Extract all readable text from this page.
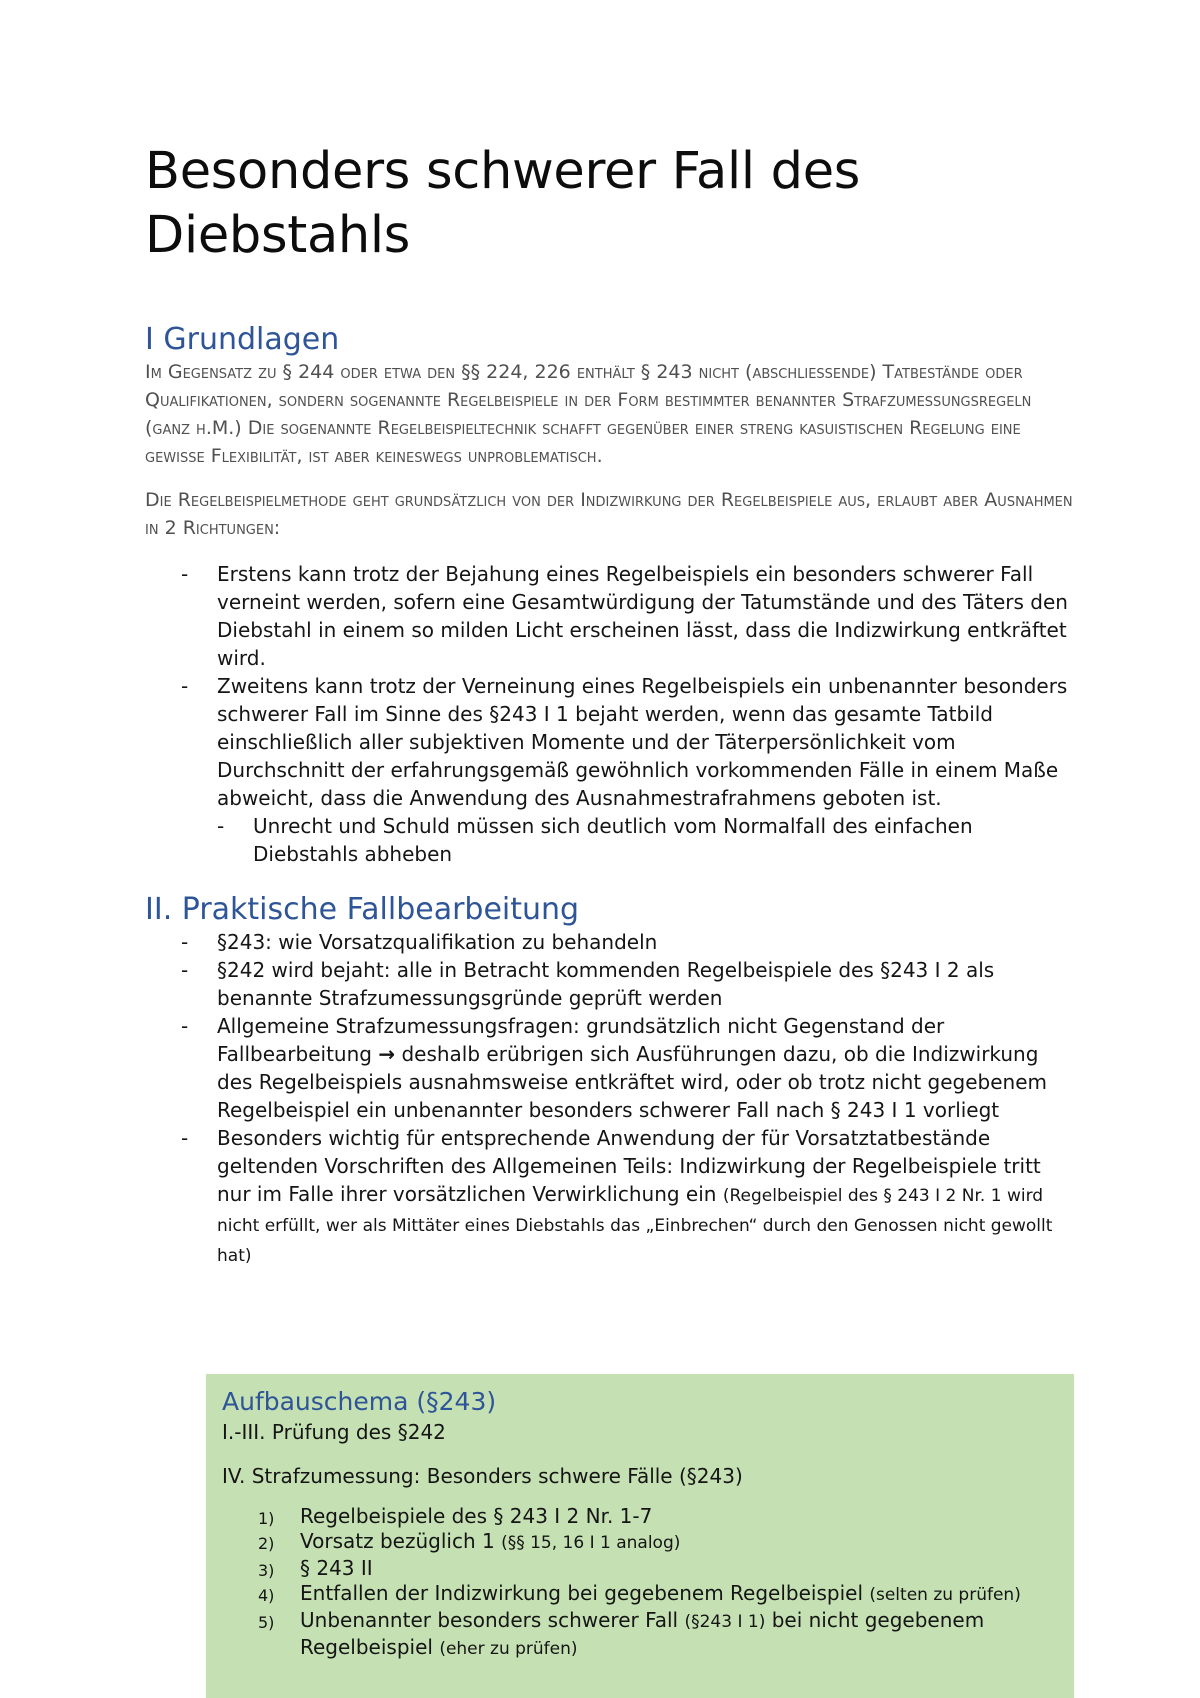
Besonders schwerer Fall des Diebstahls
I Grundlagen

Im Gegensatz zu § 244 oder etwa den §§ 224, 226 enthält § 243 nicht (abschliessende) Tatbestände oder Qualifikationen, sondern sogenannte Regelbeispiele in der Form bestimmter benannter Strafzumessungsregeln (ganz h.M.) Die sogenannte Regelbeispieltechnik schafft gegenüber einer streng kasuistischen Regelung eine gewisse Flexibilität, ist aber keineswegs unproblematisch.

Die Regelbeispielmethode geht grundsätzlich von der Indizwirkung der Regelbeispiele aus, erlaubt aber Ausnahmen in 2 Richtungen:

- Erstens kann trotz der Bejahung eines Regelbeispiels ein besonders schwerer Fall verneint werden, sofern eine Gesamtwürdigung der Tatumstände und des Täters den Diebstahl in einem so milden Licht erscheinen lässt, dass die Indizwirkung entkräftet wird.
- Zweitens kann trotz der Verneinung eines Regelbeispiels ein unbenannter besonders schwerer Fall im Sinne des §243 I 1 bejaht werden, wenn das gesamte Tatbild einschließlich aller subjektiven Momente und der Täterpersönlichkeit vom Durchschnitt der erfahrungsgemäß gewöhnlich vorkommenden Fälle in einem Maße abweicht, dass die Anwendung des Ausnahmestrafrahmens geboten ist.
- Unrecht und Schuld müssen sich deutlich vom Normalfall des einfachen Diebstahls abheben
II. Praktische Fallbearbeitung
- §243: wie Vorsatzqualifikation zu behandeln
- §242 wird bejaht: alle in Betracht kommenden Regelbeispiele des §243 I 2 als benannte Strafzumessungsgründe geprüft werden
- Allgemeine Strafzumessungsfragen: grundsätzlich nicht Gegenstand der Fallbearbeitung → deshalb erübrigen sich Ausführungen dazu, ob die Indizwirkung des Regelbeispiels ausnahmsweise entkräftet wird, oder ob trotz nicht gegebenem Regelbeispiel ein unbenannter besonders schwerer Fall nach § 243 I 1 vorliegt
- Besonders wichtig für entsprechende Anwendung der für Vorsatztatbestände geltenden Vorschriften des Allgemeinen Teils: Indizwirkung der Regelbeispiele tritt nur im Falle ihrer vorsätzlichen Verwirklichung ein (Regelbeispiel des § 243 I 2 Nr. 1 wird nicht erfüllt, wer als Mittäter eines Diebstahls das „Einbrechen“ durch den Genossen nicht gewollt hat)
Aufbauschema (§243)

I.-III. Prüfung des §242

IV. Strafzumessung: Besonders schwere Fälle (§243)

1) Regelbeispiele des § 243 I 2 Nr. 1-7
2) Vorsatz bezüglich 1 (§§ 15, 16 I 1 analog)
3) § 243 II
4) Entfallen der Indizwirkung bei gegebenem Regelbeispiel (selten zu prüfen)
5) Unbenannter besonders schwerer Fall (§243 I 1) bei nicht gegebenem Regelbeispiel (eher zu prüfen)
